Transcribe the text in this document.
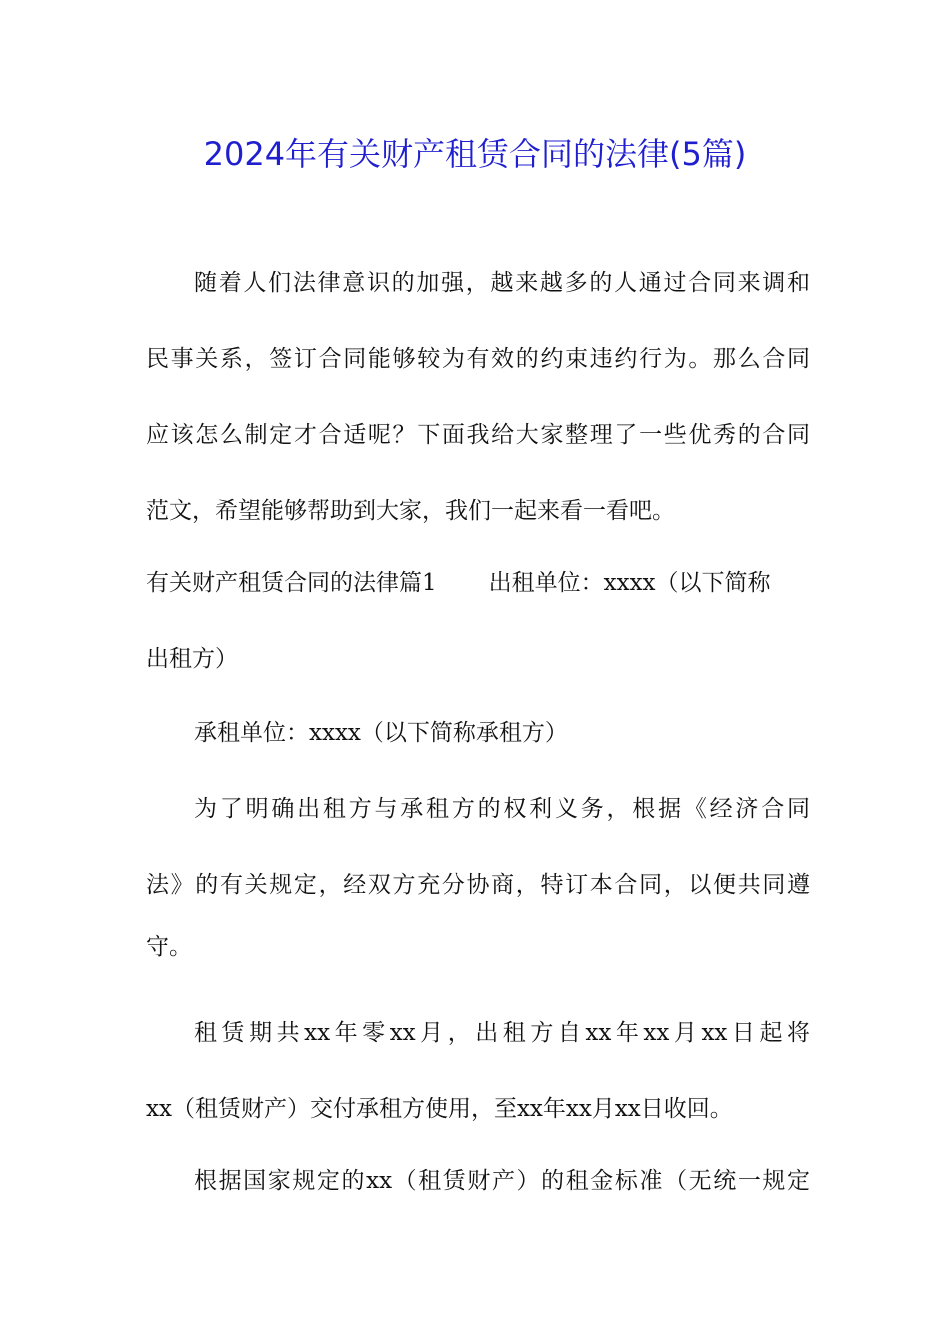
2024年有关财产租赁合同的法律(5篇)
随着人们法律意识的加强，越来越多的人通过合同来调和
民事关系，签订合同能够较为有效的约束违约行为。那么合同
应该怎么制定才合适呢？下面我给大家整理了一些优秀的合同
范文，希望能够帮助到大家，我们一起来看一看吧。
有关财产租赁合同的法律篇1 出租单位：xxxx（以下简称
出租方）
承租单位：xxxx（以下简称承租方）
为了明确出租方与承租方的权利义务，根据《经济合同
法》的有关规定，经双方充分协商，特订本合同，以便共同遵
守。
租赁期共xx年零xx月，出租方自xx年xx月xx日起将
xx（租赁财产）交付承租方使用，至xx年xx月xx日收回。
根据国家规定的xx（租赁财产）的租金标准（无统一规定
